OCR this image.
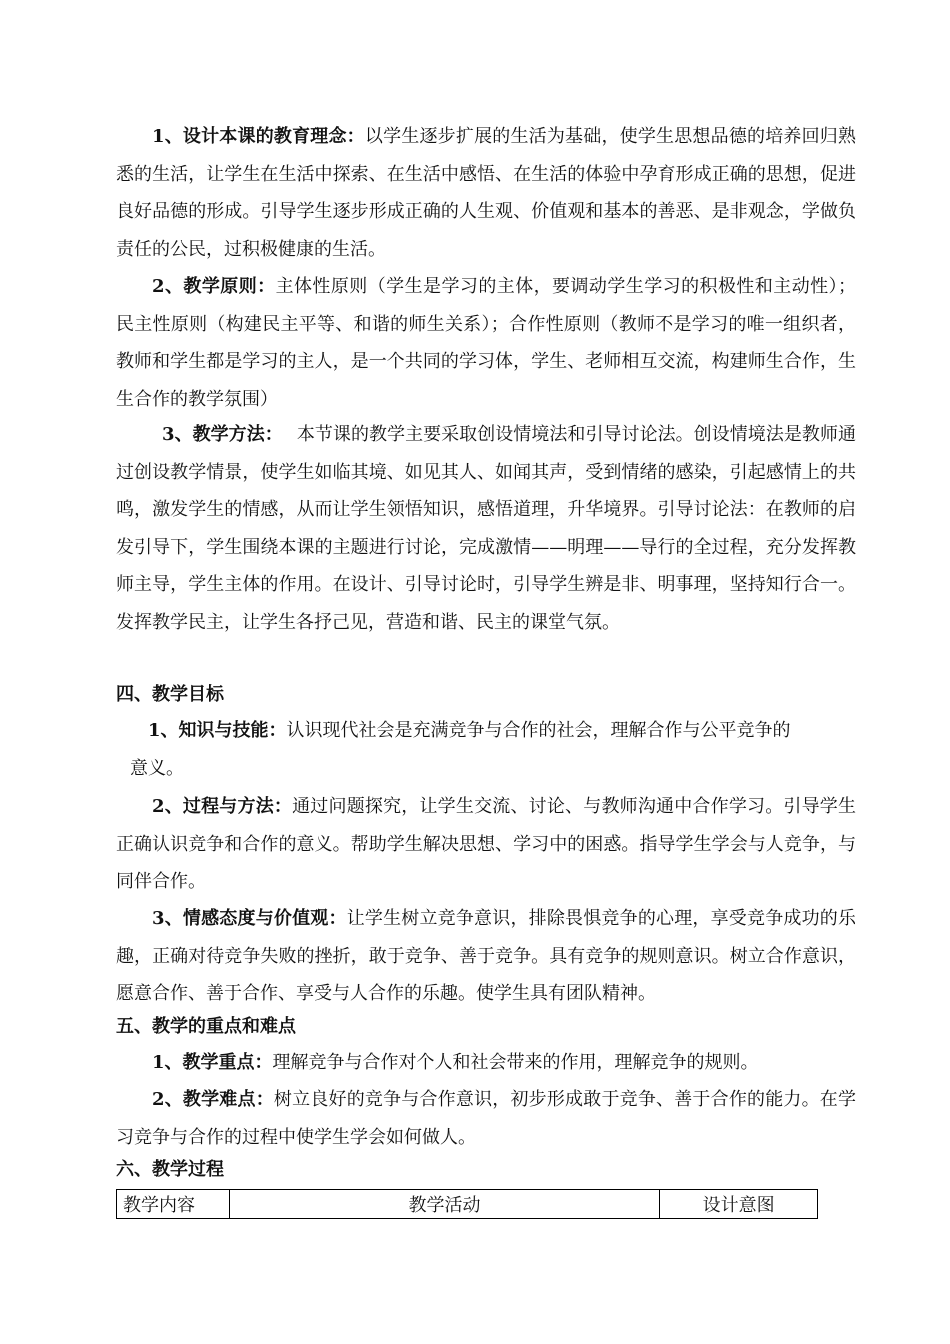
1、设计本课的教育理念：以学生逐步扩展的生活为基础，使学生思想品德的培养回归熟悉的生活，让学生在生活中探索、在生活中感悟、在生活的体验中孕育形成正确的思想，促进良好品德的形成。引导学生逐步形成正确的人生观、价值观和基本的善恶、是非观念，学做负责任的公民，过积极健康的生活。

2、教学原则：主体性原则（学生是学习的主体，要调动学生学习的积极性和主动性）；民主性原则（构建民主平等、和谐的师生关系）；合作性原则（教师不是学习的唯一组织者，教师和学生都是学习的主人，是一个共同的学习体，学生、老师相互交流，构建师生合作，生生合作的教学氛围）

3、教学方法： 本节课的教学主要采取创设情境法和引导讨论法。创设情境法是教师通过创设教学情景，使学生如临其境、如见其人、如闻其声，受到情绪的感染，引起感情上的共鸣，激发学生的情感，从而让学生领悟知识，感悟道理，升华境界。引导讨论法：在教师的启发引导下，学生围绕本课的主题进行讨论，完成激情——明理——导行的全过程，充分发挥教师主导，学生主体的作用。在设计、引导讨论时，引导学生辨是非、明事理，坚持知行合一。发挥教学民主，让学生各抒己见，营造和谐、民主的课堂气氛。

四、教学目标

1、知识与技能：认识现代社会是充满竞争与合作的社会，理解合作与公平竞争的

意义。

2、过程与方法：通过问题探究，让学生交流、讨论、与教师沟通中合作学习。引导学生正确认识竞争和合作的意义。帮助学生解决思想、学习中的困惑。指导学生学会与人竞争，与同伴合作。

3、情感态度与价值观：让学生树立竞争意识，排除畏惧竞争的心理，享受竞争成功的乐趣，正确对待竞争失败的挫折，敢于竞争、善于竞争。具有竞争的规则意识。树立合作意识，愿意合作、善于合作、享受与人合作的乐趣。使学生具有团队精神。

五、教学的重点和难点

1、教学重点：理解竞争与合作对个人和社会带来的作用，理解竞争的规则。

2、教学难点：树立良好的竞争与合作意识，初步形成敢于竞争、善于合作的能力。在学习竞争与合作的过程中使学生学会如何做人。

六、教学过程
教学内容	教学活动	设计意图
